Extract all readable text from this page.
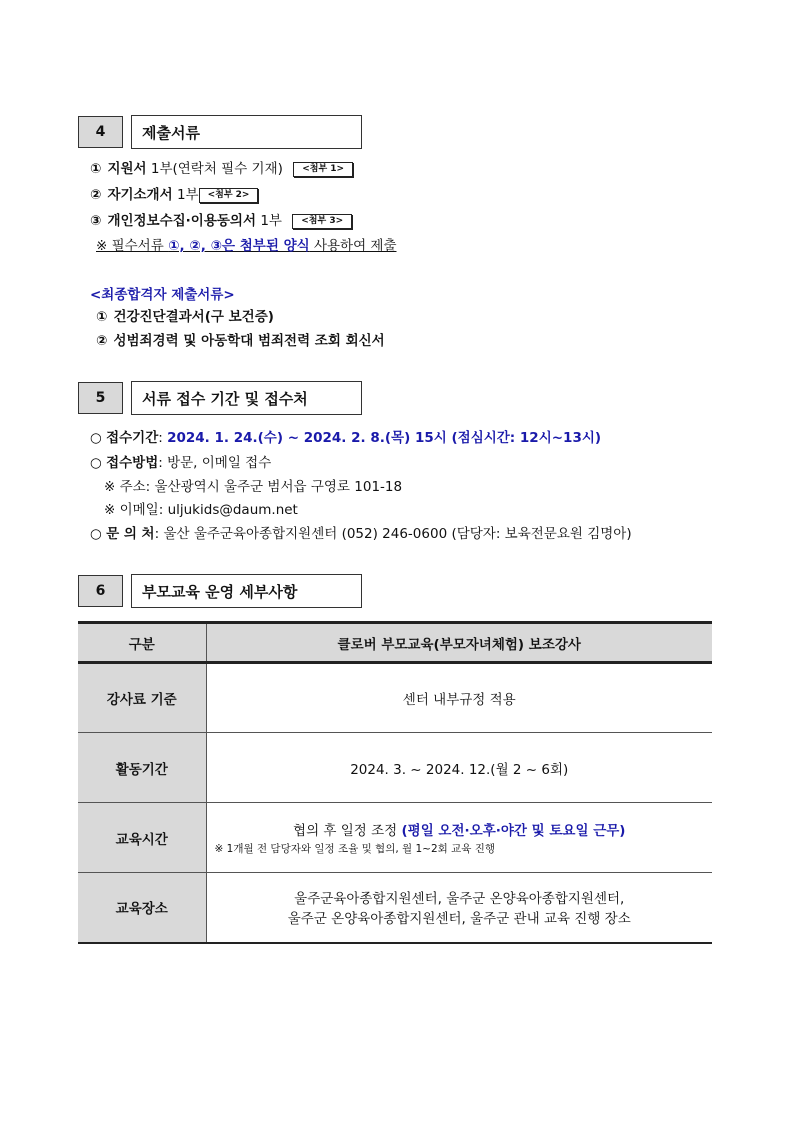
4	제출서류
① 지원서 1부(연락처 필수 기재) <첨부 1>
② 자기소개서 1부 <첨부 2>
③ 개인정보수집·이용동의서 1부 <첨부 3>
※ 필수서류 ①, ②, ③은 첨부된 양식 사용하여 제출
<최종합격자 제출서류>
① 건강진단결과서(구 보건증)
② 성범죄경력 및 아동학대 범죄전력 조회 회신서
5	서류 접수 기간 및 접수처
○ 접수기간: 2024. 1. 24.(수) ~ 2024. 2. 8.(목) 15시 (점심시간: 12시~13시)
○ 접수방법: 방문, 이메일 접수
※ 주소: 울산광역시 울주군 범서읍 구영로 101-18
※ 이메일: uljukids@daum.net
○ 문 의 처: 울산 울주군육아종합지원센터 (052) 246-0600 (담당자: 보육전문요원 김명아)
6	부모교육 운영 세부사항
구분	클로버 부모교육(부모자녀체험) 보조강사
강사료 기준	센터 내부규정 적용
활동기간	2024. 3. ~ 2024. 12.(월 2 ~ 6회)
교육시간	협의 후 일정 조정 (평일 오전·오후·야간 및 토요일 근무)
※ 1개월 전 담당자와 일정 조율 및 협의, 월 1~2회 교육 진행

교육장소	울주군육아종합지원센터, 울주군 온양육아종합지원센터,
울주군 온양육아종합지원센터, 울주군 관내 교육 진행 장소
